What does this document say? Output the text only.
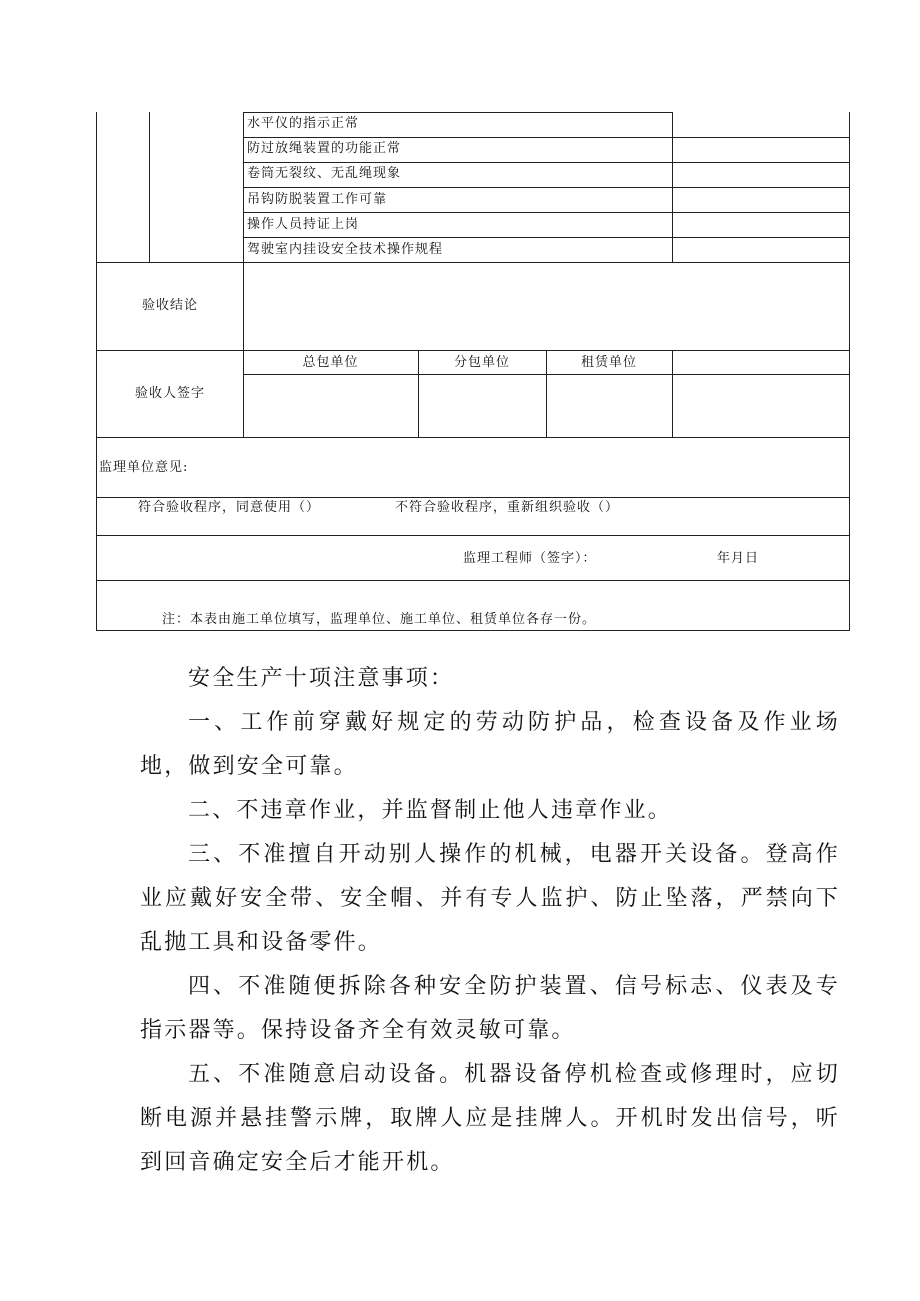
水平仪的指示正常
防过放绳装置的功能正常
卷筒无裂纹、无乱绳现象
吊钩防脱装置工作可靠
操作人员持证上岗
驾驶室内挂设安全技术操作规程
验收结论
验收人签字
总包单位	分包单位	租赁单位
监理单位意见:
符合验收程序，同意使用（）	不符合验收程序，重新组织验收（）
监理工程师（签字）：	年月日
注：本表由施工单位填写，监理单位、施工单位、租赁单位各存一份。

安全生产十项注意事项：

一、工作前穿戴好规定的劳动防护品，检查设备及作业场地，做到安全可靠。

二、不违章作业，并监督制止他人违章作业。

三、不准擅自开动别人操作的机械，电器开关设备。登高作业应戴好安全带、安全帽、并有专人监护、防止坠落，严禁向下乱抛工具和设备零件。

四、不准随便拆除各种安全防护装置、信号标志、仪表及专指示器等。保持设备齐全有效灵敏可靠。

五、不准随意启动设备。机器设备停机检查或修理时，应切断电源并悬挂警示牌，取牌人应是挂牌人。开机时发出信号，听到回音确定安全后才能开机。
